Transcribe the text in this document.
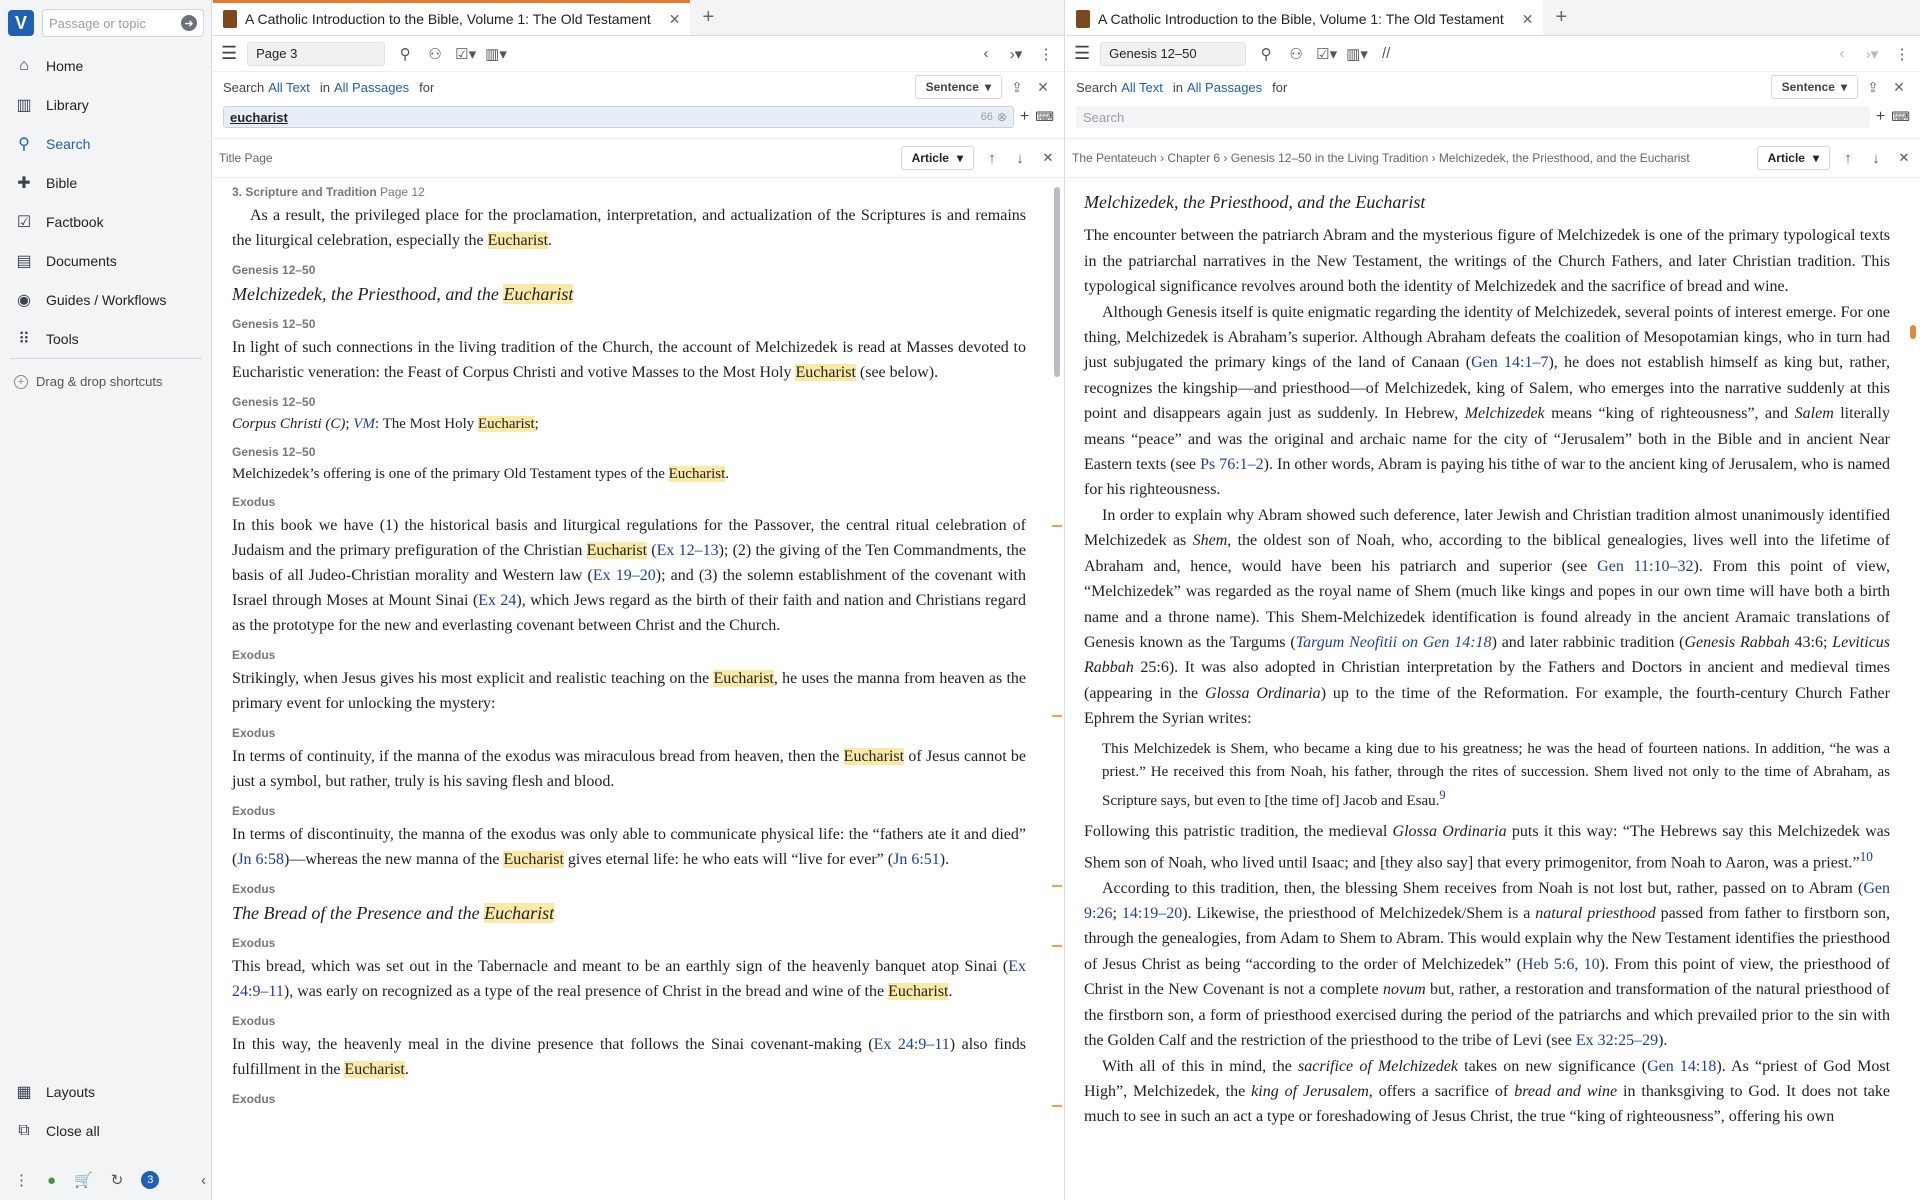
V	Passage or topic	➜
⌂	Home
▥ Library
⚲ Search
✚ Bible
☑ Factbook
▤ Documents
◉ Guides / Workflows
⠿ Tools
+ Drag & drop shortcuts
▦ Layouts
⧉	Close all
⋮ ● 🛒 ↻	3	‹
A Catholic Introduction to the Bible, Volume 1: The Old Testament ✕	+
☰ Page 3	⚲	⚇ ☑▾ ▥▾	‹	›▾ ⋮
Search All Text in All Passages for	Sentence ▾	⇪	✕
eucharist	66 ⊗ + ⌨
Title Page	Article ▾	↑	↓	✕
3. Scripture and Tradition Page 12
As a result, the privileged place for the proclamation, interpretation, and actualization of the Scriptures is and remains the liturgical celebration, especially the Eucharist.
Genesis 12–50
Melchizedek, the Priesthood, and the Eucharist
Genesis 12–50
In light of such connections in the living tradition of the Church, the account of Melchizedek is read at Masses devoted to Eucharistic veneration: the Feast of Corpus Christi and votive Masses to the Most Holy Eucharist (see below).
Genesis 12–50
Corpus Christi (C); VM: The Most Holy Eucharist;
Genesis 12–50
Melchizedek’s offering is one of the primary Old Testament types of the Eucharist.
Exodus
In this book we have (1) the historical basis and liturgical regulations for the Passover, the central ritual celebration of Judaism and the primary prefiguration of the Christian Eucharist (Ex 12–13); (2) the giving of the Ten Commandments, the basis of all Judeo-Christian morality and Western law (Ex 19–20); and (3) the solemn establishment of the covenant with Israel through Moses at Mount Sinai (Ex 24), which Jews regard as the birth of their faith and nation and Christians regard as the prototype for the new and everlasting covenant between Christ and the Church.
Exodus
Strikingly, when Jesus gives his most explicit and realistic teaching on the Eucharist, he uses the manna from heaven as the primary event for unlocking the mystery:
Exodus
In terms of continuity, if the manna of the exodus was miraculous bread from heaven, then the Eucharist of Jesus cannot be just a symbol, but rather, truly is his saving flesh and blood.
Exodus
In terms of discontinuity, the manna of the exodus was only able to communicate physical life: the “fathers ate it and died” (Jn 6:58)—whereas the new manna of the Eucharist gives eternal life: he who eats will “live for ever” (Jn 6:51).
Exodus
The Bread of the Presence and the Eucharist
Exodus
This bread, which was set out in the Tabernacle and meant to be an earthly sign of the heavenly banquet atop Sinai (Ex 24:9–11), was early on recognized as a type of the real presence of Christ in the bread and wine of the Eucharist.
Exodus
In this way, the heavenly meal in the divine presence that follows the Sinai covenant-making (Ex 24:9–11) also finds fulfillment in the Eucharist.
Exodus
A Catholic Introduction to the Bible, Volume 1: The Old Testament ✕	+
☰ Genesis 12–50	⚲	⚇ ☑▾ ▥▾ //	‹	›▾ ⋮
Search All Text in All Passages for	Sentence ▾	⇪	✕
Search	+ ⌨
The Pentateuch › Chapter 6 › Genesis 12–50 in the Living Tradition › Melchizedek, the Priesthood, and the Eucharist	Article ▾	↑	↓	✕
Melchizedek, the Priesthood, and the Eucharist

The encounter between the patriarch Abram and the mysterious figure of Melchizedek is one of the primary typological texts in the patriarchal narratives in the New Testament, the writings of the Church Fathers, and later Christian tradition. This typological significance revolves around both the identity of Melchizedek and the sacrifice of bread and wine.

Although Genesis itself is quite enigmatic regarding the identity of Melchizedek, several points of interest emerge. For one thing, Melchizedek is Abraham’s superior. Although Abraham defeats the coalition of Mesopotamian kings, who in turn had just subjugated the primary kings of the land of Canaan (Gen 14:1–7), he does not establish himself as king but, rather, recognizes the kingship—and priesthood—of Melchizedek, king of Salem, who emerges into the narrative suddenly at this point and disappears again just as suddenly. In Hebrew, Melchizedek means “king of righteousness”, and Salem literally means “peace” and was the original and archaic name for the city of “Jerusalem” both in the Bible and in ancient Near Eastern texts (see Ps 76:1–2). In other words, Abram is paying his tithe of war to the ancient king of Jerusalem, who is named for his righteousness.

In order to explain why Abram showed such deference, later Jewish and Christian tradition almost unanimously identified Melchizedek as Shem, the oldest son of Noah, who, according to the biblical genealogies, lives well into the lifetime of Abraham and, hence, would have been his patriarch and superior (see Gen 11:10–32). From this point of view, “Melchizedek” was regarded as the royal name of Shem (much like kings and popes in our own time will have both a birth name and a throne name). This Shem-Melchizedek identification is found already in the ancient Aramaic translations of Genesis known as the Targums (Targum Neofitii on Gen 14:18) and later rabbinic tradition (Genesis Rabbah 43:6; Leviticus Rabbah 25:6). It was also adopted in Christian interpretation by the Fathers and Doctors in ancient and medieval times (appearing in the Glossa Ordinaria) up to the time of the Reformation. For example, the fourth-century Church Father Ephrem the Syrian writes:

This Melchizedek is Shem, who became a king due to his greatness; he was the head of fourteen nations. In addition, “he was a priest.” He received this from Noah, his father, through the rites of succession. Shem lived not only to the time of Abraham, as Scripture says, but even to [the time of] Jacob and Esau.$^9$

Following this patristic tradition, the medieval Glossa Ordinaria puts it this way: “The Hebrews say this Melchizedek was Shem son of Noah, who lived until Isaac; and [they also say] that every primogenitor, from Noah to Aaron, was a priest.”$^{10}$

According to this tradition, then, the blessing Shem receives from Noah is not lost but, rather, passed on to Abram (Gen 9:26; 14:19–20). Likewise, the priesthood of Melchizedek/Shem is a natural priesthood passed from father to firstborn son, through the genealogies, from Adam to Shem to Abram. This would explain why the New Testament identifies the priesthood of Jesus Christ as being “according to the order of Melchizedek” (Heb 5:6, 10). From this point of view, the priesthood of Christ in the New Covenant is not a complete novum but, rather, a restoration and transformation of the natural priesthood of the firstborn son, a form of priesthood exercised during the period of the patriarchs and which prevailed prior to the sin with the Golden Calf and the restriction of the priesthood to the tribe of Levi (see Ex 32:25–29).

With all of this in mind, the sacrifice of Melchizedek takes on new significance (Gen 14:18). As “priest of God Most High”, Melchizedek, the king of Jerusalem, offers a sacrifice of bread and wine in thanksgiving to God. It does not take much to see in such an act a type or foreshadowing of Jesus Christ, the true “king of righteousness”, offering his own
